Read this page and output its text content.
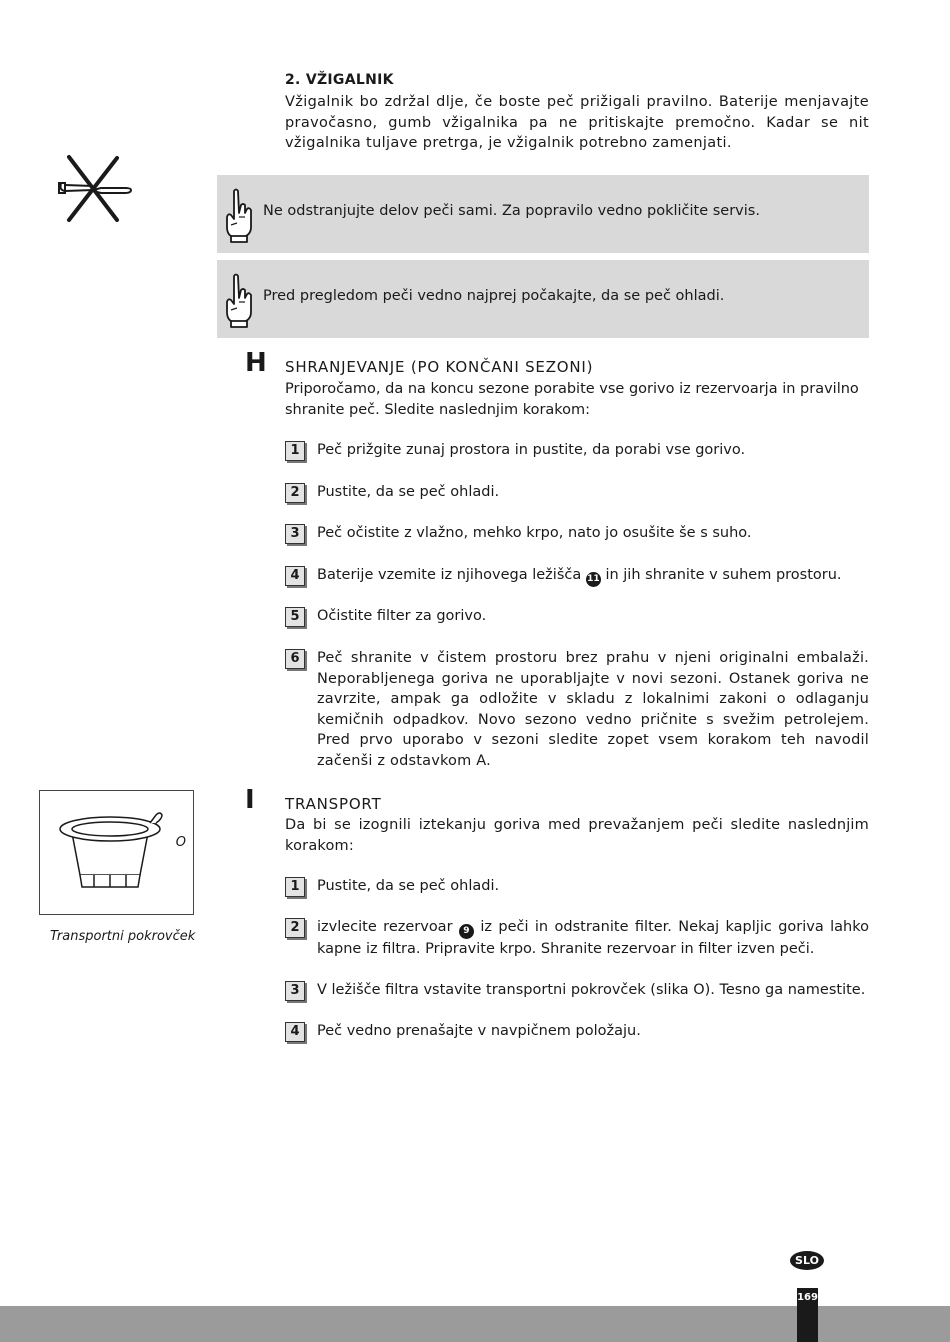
2. VŽIGALNIK
Vžigalnik bo zdržal dlje, če boste peč prižigali pravilno. Baterije menjavajte pravočasno, gumb vžigalnika pa ne pritiskajte premočno. Kadar se nit vžigalnika tuljave pretrga, je vžigalnik potrebno zamenjati.
Ne odstranjujte delov peči sami. Za popravilo vedno pokličite servis.
Pred pregledom peči vedno najprej počakajte, da se peč ohladi.
H SHRANJEVANJE (PO KONČANI SEZONI)
Priporočamo, da na koncu sezone porabite vse gorivo iz rezervoarja in pravilno shranite peč. Sledite naslednjim korakom:
1	Peč prižgite zunaj prostora in pustite, da porabi vse gorivo.
2	Pustite, da se peč ohladi.
3	Peč očistite z vlažno, mehko krpo, nato jo osušite še s suho.
4	Baterije vzemite iz njihovega ležišča 11 in jih shranite v suhem prostoru.
5	Očistite filter za gorivo.
6	Peč shranite v čistem prostoru brez prahu v njeni originalni embalaži. Neporabljenega goriva ne uporabljajte v novi sezoni. Ostanek goriva ne zavrzite, ampak ga odložite v skladu z lokalnimi zakoni o odlaganju kemičnih odpadkov. Novo sezono vedno pričnite s svežim petrolejem. Pred prvo uporabo v sezoni sledite zopet vsem korakom teh navodil začenši z odstavkom A.
I TRANSPORT
Da bi se izognili iztekanju goriva med prevažanjem peči sledite naslednjim korakom:
1	Pustite, da se peč ohladi.
2	izvlecite rezervoar 9 iz peči in odstranite filter. Nekaj kapljic goriva lahko kapne iz filtra. Pripravite krpo. Shranite rezervoar in filter izven peči.
3	V ležišče filtra vstavite transportni pokrovček (slika O). Tesno ga namestite.
4	Peč vedno prenašajte v navpičnem položaju.
O
Transportni pokrovček
SLO
169
